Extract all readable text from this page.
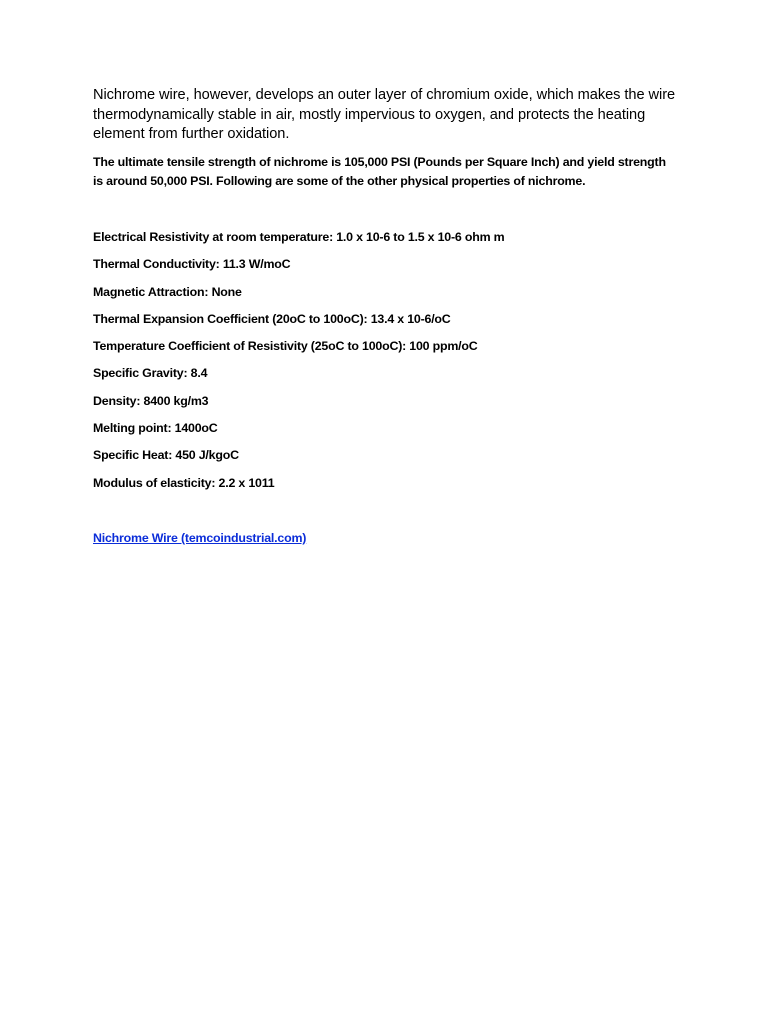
Nichrome wire, however, develops an outer layer of chromium oxide, which makes the wire thermodynamically stable in air, mostly impervious to oxygen, and protects the heating element from further oxidation.

The ultimate tensile strength of nichrome is 105,000 PSI (Pounds per Square Inch) and yield strength is around 50,000 PSI. Following are some of the other physical properties of nichrome.

Electrical Resistivity at room temperature: 1.0 x 10-6 to 1.5 x 10-6 ohm m
Thermal Conductivity: 11.3 W/moC
Magnetic Attraction: None
Thermal Expansion Coefficient (20oC to 100oC): 13.4 x 10-6/oC
Temperature Coefficient of Resistivity (25oC to 100oC): 100 ppm/oC
Specific Gravity: 8.4
Density: 8400 kg/m3
Melting point: 1400oC
Specific Heat: 450 J/kgoC
Modulus of elasticity: 2.2 x 1011
Nichrome Wire (temcoindustrial.com)
